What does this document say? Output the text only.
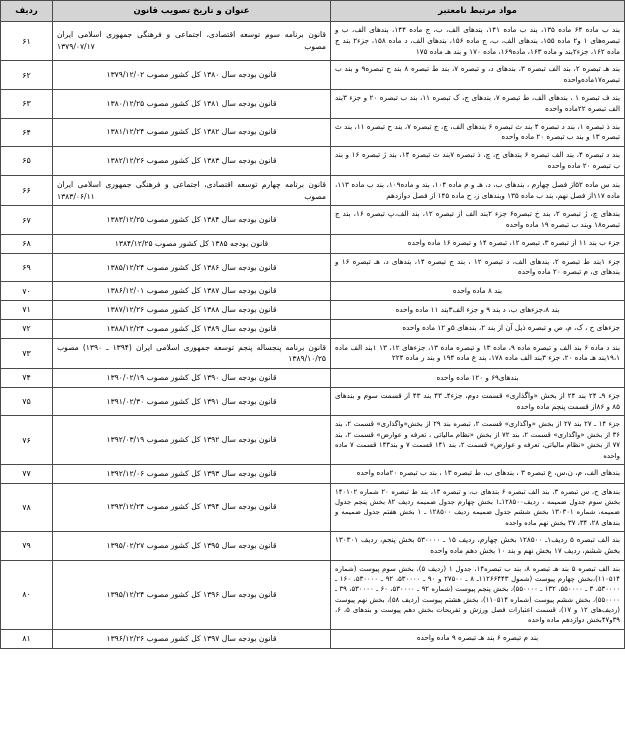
مواد مرتبط نامعتبر	عنوان و تاریخ تصویب قانون	ردیف
بند ب ماده ۶۴ ماده ۱۳۵، بند ب ماده ۱۴۱، بندهای الف، ب، ج ماده ۱۴۴، بندهای الف، ب و تبصره‌های ۱ و۲ ماده ۱۵۵، بندهای الف، ب، ج ماده ۱۵۶، بندهای الف، د ماده ۱۵۸، جزء۲ بند ج ماده ۱۶۲، جزء۲بند و ماده ۱۶۳، ماده۱۶۹، ماده ۱۷۰ و بند هـ ماده ۱۷۵	قانون برنامه سوم توسعه اقتصادی، اجتماعی و فرهنگی جمهوری اسلامی ایران مصوب ۱۳۷۹/۰۷/۱۷	۶۱
بند هـ تبصره ۲، بند الف تبصره ۳، بندهای د، و تبصره ۷، بند ط تبصره ۸ بند ح تبصره۹ و بند ب تبصره۱۷ماده‌واحده	قانون بودجه سال ۱۳۸۰ کل کشور مصوب ۱۳۷۹/۱۲/۰۲	۶۲
بند ف تبصره ۱ ، بندهای الف، ط تبصره ۷، بندهای ج، ک تبصره ۱۱، بند ب تبصره ۲۰ و جزء ۳بند الف تبصره ۲۲ماده واحده	قانون بودجه سال ۱۳۸۱ کل کشور مصوب ۱۳۸۰/۱۲/۲۵	۶۳
بند ذ تبصره ۱، بند د تبصره ۴ بند ث تبصره ۶ بندهای الف، چ، ج تبصره ۷، بند ح تبصره ۱۱، بند ث تبصره ۱۳ و بند ب تبصره ۲۰ ماده واحده	قانون بودجه سال ۱۳۸۲ کل کشور مصوب ۱۳۸۱/۱۲/۲۴	۶۴
بند د تبصره ۴، بند الف تبصره ۶ بندهای ج، چ، ذ تبصره ۷بند ث تبصره ۱۴، بند ژ تبصره ۱۶ و بند ب تبصره ۲۰ ماده واحده	قانون بودجه سال ۱۳۸۳ کل کشور مصوب ۱۳۸۲/۱۲/۲۶	۶۵
بند س ماده ۵۲از فصل چهارم ، بندهای ب، د، هـ و م ماده ۱۰۴، بند و ماده۱۰۹، بند ب ماده ۱۱۳، ماده ۱۱۷از فصل نهم، بند ب ماده ۱۳۵ وبندهای ز، ح ماده ۱۴۵ از فصل دوازدهم	قانون برنامه چهارم توسعه اقتصادی، اجتماعی و فرهنگی جمهوری اسلامی ایران مصوب ۱۳۸۳/۰۶/۱۱	۶۶
بندهای چ، ژ تبصره ۲، بند خ تبصره۶ جزء ۲بند الف از تبصره ۱۲، بند الف،پ تبصره ۱۶، بند ج تبصره۱۸ وبند ب تبصره ۱۹ ماده واحده	قانون بودجه سال ۱۳۸۴ کل کشور مصوب ۱۳۸۳/۱۲/۲۵	۶۷
جزء ب بند ۱۱ از تبصره ۳، تبصره ۱۲، تبصره ۱۴ و تبصره ۱۶ ماده واحده	قانون بودجه ۱۳۸۵ کل کشور مصوب ۱۳۸۴/۱۲/۲۵	۶۸
جزء ۱بند ط تبصره ۲، بندهای الف، د تبصره ۱۲ ، بند ج تبصره ۱۴، بندهای د، هـ تبصره ۱۶ و بندهای ی، م تبصره ۲۰ ماده واحده	قانون بودجه سال ۱۳۸۶ کل کشور مصوب ۱۳۸۵/۱۲/۲۴	۶۹
بند ۸ ماده واحده	قانون بودجه سال ۱۳۸۷ کل کشور مصوب ۱۳۸۶/۱۲/۰۱	۷۰
بند ۸،جزءهای ب، د بند ۹ و جزء الف۳بند ۱۱ ماده واحده	قانون بودجه سال ۱۳۸۸ کل کشور مصوب ۱۳۸۷/۱۲/۲۶	۷۱
جزءهای ح ، ک، م، ص و تبصره ذیل آن از بند ۲، بندهای ۵و ۱۲ ماده واحده	قانون بودجه سال ۱۳۸۹ کل کشور مصوب ۱۳۸۸/۱۲/۲۴	۷۲
بند د ماده ۶ بند الف و تبصره ماده ۹، ماده ۱۳ و تبصره ماده ۱۳، جزءهای ۱۲، ۱۳ ۱بند الف ماده ۱۹،۱بند هـ ماده ۲۰، جزء ۳بند الف ماده ۱۷۸، بند ع ماده ۱۹۴ و بند ر ماده ۲۲۴	قانون برنامه پنجساله پنجم توسعه جمهوری اسلامی ایران (۱۳۹۴ ـ ۱۳۹۰) مصوب ۱۳۸۹/۱۰/۲۵	۷۳
بندهای۶۹ و ۱۲۰ ماده واحده	قانون بودجه سال ۱۳۹۰ کل کشور مصوب ۱۳۹۰/۰۲/۱۹	۷۴
جزء ۹ـ ۲۴ بند ۲۴ از بخش «واگذاری» قسمت دوم، جزء۴ـ ۴۳ بند ۴۳ از قسمت سوم و بندهای ۸۵ و ۸۶از قسمت پنجم ماده واحده	قانون بودجه سال ۱۳۹۱ کل کشور مصوب ۱۳۹۱/۰۲/۳۰	۷۵
جزء ۱۴ ـ ۲۷ بند ۲۷ از بخش «واگذاری» قسمت ۲، تبصره بند ۲۹ از بخش«واگذاری» قسمت ۲، بند ۳۶ از بخش «واگذاری» قسمت ۲، بند ۷۲ از بخش «نظام مالیاتی ، تعرفه و عوارض» قسمت ۲، بند ۷۷ از بخش «نظام مالیاتی، تعرفه و عوارض» قسمت ۲، بند ۱۴۱ قسمت ۷ و بند۱۴۳ قسمت ۷ ماده واحده	قانون بودجه سال ۱۳۹۲ کل کشور مصوب ۱۳۹۲/۰۳/۱۹	۷۶
بندهای الف، م، ن،س، ع تبصره ۳ ، بندهای ب، ط تبصره ۱۳ ، بند ب تبصره ۲۰ماده واحده	قانون بودجه سال ۱۳۹۳ کل کشور مصوب ۱۳۹۲/۱۲/۰۶	۷۷
بندهای ح، س تبصره ۳، بند الف تبصره ۶ بندهای ب، و تبصره ۱۳، بند ط تبصره ۲۰ شماره ۱۴۰۱۰۲ بخش سوم جدول ضمیمه ، ردیف۱۲۸۵۰۰ـ۱ بخش چهارم جدول ضمیمه ردیف ۸۲ بخش پنجم جدول ضمیمه، شماره ۱۳۰۳۰۱ بخش ششم جدول ضمیمه ردیف ۱۲۸۵۰۰ ـ ۱ بخش هفتم جدول ضمیمه و بندهای ۲۸، ۳۴، ۳۷ بخش نهم ماده واحده	قانون بودجه سال ۱۳۹۴ کل کشور مصوب ۱۳۹۳/۱۲/۲۴	۷۸
بند الف تبصره ۵ ردیف۱ـ ۱۲۸۵۰۰ بخش چهارم، ردیف ۱۵ ـ ۵۳۰۰۰۰ بخش پنجم، ردیف ۱۳۰۳۰۱ بخش ششم، ردیف ۱۷ بخش نهم و بند ۱۰ بخش دهم ماده واحده	قانون بودجه سال ۱۳۹۵ کل کشور مصوب ۱۳۹۵/۰۲/۲۷	۷۹
بند الف تبصره ۵ بند هـ تبصره ۸، بند ب تبصره۱۴، جدول ۱ (ردیف ۵)، بخش سوم پیوست (شماره ۱۱۰۵۱۴)،بخش چهارم پیوست (شمول ۱۱۲۶۶۴۴۳ـ ۸ ـ ۲۷۵۰۰ و ۹۰ ـ ۵۳۰۰۰۰، ۹۲ ـ ۵۳۰۰۰۰، ۱۶۰ ـ ۵۳۰۰۰۰، ۳ ـ ۵۵۰۰۰۰، ۱۳۲ ـ ۵۵۰۰۰۰)، بخش پنجم پیوست (شماره ۹۲ ـ ۵۳۰۰۰۰، ۶۰ ـ ۵۳۰۰۰۰، ۳۹ ـ ۵۵۰۰۰۰)، بخش ششم پیوست (شماره ۱۱۰۵۱۴)، بخش هشتم پیوست (ردیف ۵۸)، بخش نهم پیوست (ردیف‌های ۱۲ و ۱۷)، قسمت اعتبارات فصل ورزش و تفریحات بخش دهم پیوست و بندهای ۵، ۶، ۳۹و۴۷بخش دوازدهم ماده واحده	قانون بودجه سال ۱۳۹۶ کل کشور مصوب ۱۳۹۵/۱۲/۲۴	۸۰
بند م تبصره ۶ بند هـ تبصره ۹ ماده واحده	قانون بودجه سال ۱۳۹۷ کل کشور مصوب ۱۳۹۶/۱۲/۲۶	۸۱
